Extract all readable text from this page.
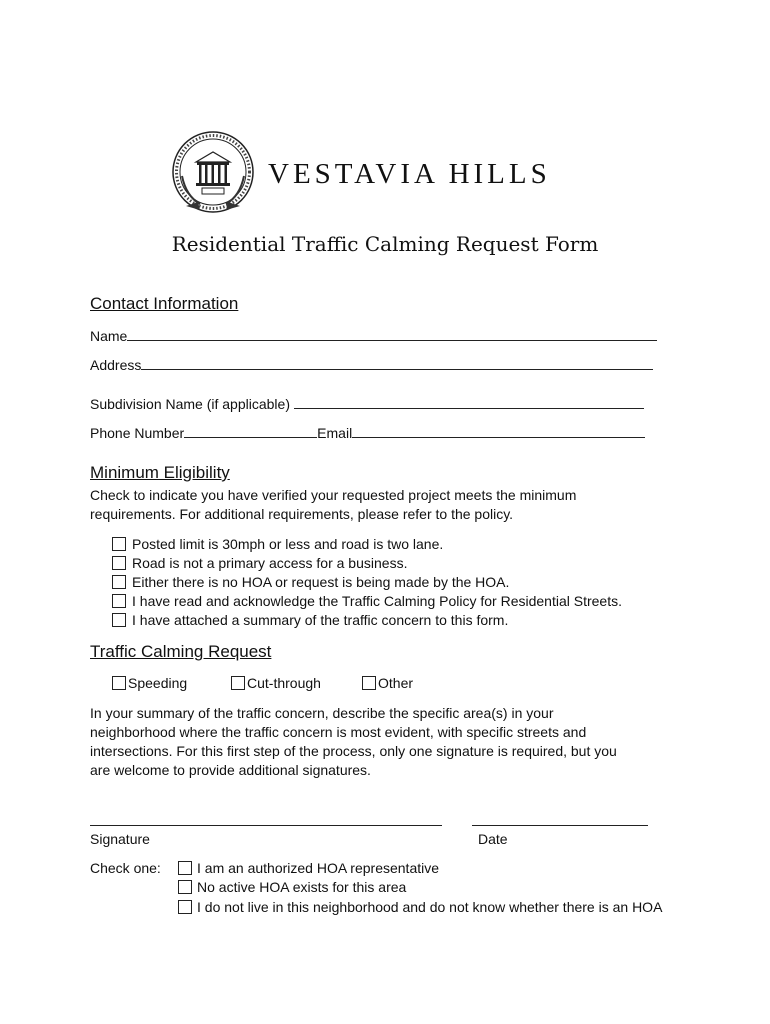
VESTAVIA HILLS
Residential Traffic Calming Request Form
Contact Information
Name
Address
Subdivision Name (if applicable)
Phone Number	Email
Minimum Eligibility
Check to indicate you have verified your requested project meets the minimum
requirements. For additional requirements, please refer to the policy.
Posted limit is 30mph or less and road is two lane.
Road is not a primary access for a business.
Either there is no HOA or request is being made by the HOA.
I have read and acknowledge the Traffic Calming Policy for Residential Streets.
I have attached a summary of the traffic concern to this form.
Traffic Calming Request
Speeding	Cut-through	Other
In your summary of the traffic concern, describe the specific area(s) in your
neighborhood where the traffic concern is most evident, with specific streets and
intersections. For this first step of the process, only one signature is required, but you
are welcome to provide additional signatures.
Signature	Date
Check one:	I am an authorized HOA representative
No active HOA exists for this area
I do not live in this neighborhood and do not know whether there is an HOA
